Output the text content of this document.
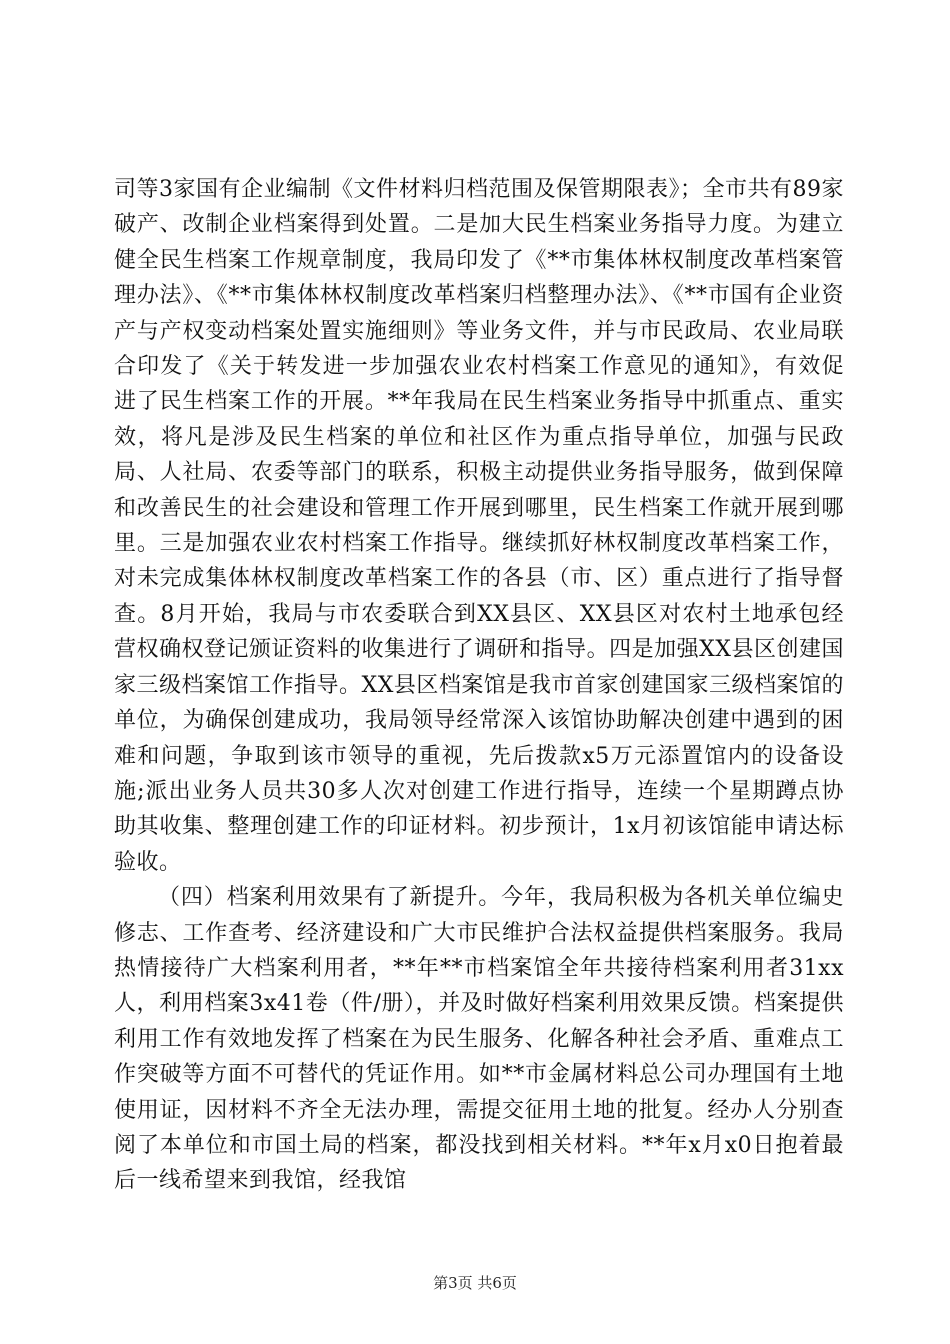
司等3家国有企业编制《文件材料归档范围及保管期限表》；全市共有89家破产、改制企业档案得到处置。二是加大民生档案业务指导力度。为建立健全民生档案工作规章制度，我局印发了《**市集体林权制度改革档案管理办法》、《**市集体林权制度改革档案归档整理办法》、《**市国有企业资产与产权变动档案处置实施细则》等业务文件，并与市民政局、农业局联合印发了《关于转发进一步加强农业农村档案工作意见的通知》，有效促进了民生档案工作的开展。**年我局在民生档案业务指导中抓重点、重实效，将凡是涉及民生档案的单位和社区作为重点指导单位，加强与民政局、人社局、农委等部门的联系，积极主动提供业务指导服务，做到保障和改善民生的社会建设和管理工作开展到哪里，民生档案工作就开展到哪里。三是加强农业农村档案工作指导。继续抓好林权制度改革档案工作，对未完成集体林权制度改革档案工作的各县（市、区）重点进行了指导督查。8月开始，我局与市农委联合到XX县区、XX县区对农村土地承包经营权确权登记颁证资料的收集进行了调研和指导。四是加强XX县区创建国家三级档案馆工作指导。XX县区档案馆是我市首家创建国家三级档案馆的单位，为确保创建成功，我局领导经常深入该馆协助解决创建中遇到的困难和问题，争取到该市领导的重视，先后拨款x5万元添置馆内的设备设施;派出业务人员共30多人次对创建工作进行指导，连续一个星期蹲点协助其收集、整理创建工作的印证材料。初步预计，1x月初该馆能申请达标验收。

（四）档案利用效果有了新提升。今年，我局积极为各机关单位编史修志、工作查考、经济建设和广大市民维护合法权益提供档案服务。我局热情接待广大档案利用者，**年**市档案馆全年共接待档案利用者31xx人，利用档案3x41卷（件/册），并及时做好档案利用效果反馈。档案提供利用工作有效地发挥了档案在为民生服务、化解各种社会矛盾、重难点工作突破等方面不可替代的凭证作用。如**市金属材料总公司办理国有土地使用证，因材料不齐全无法办理，需提交征用土地的批复。经办人分别查阅了本单位和市国土局的档案，都没找到相关材料。**年x月x0日抱着最后一线希望来到我馆，经我馆

第3页 共6页
